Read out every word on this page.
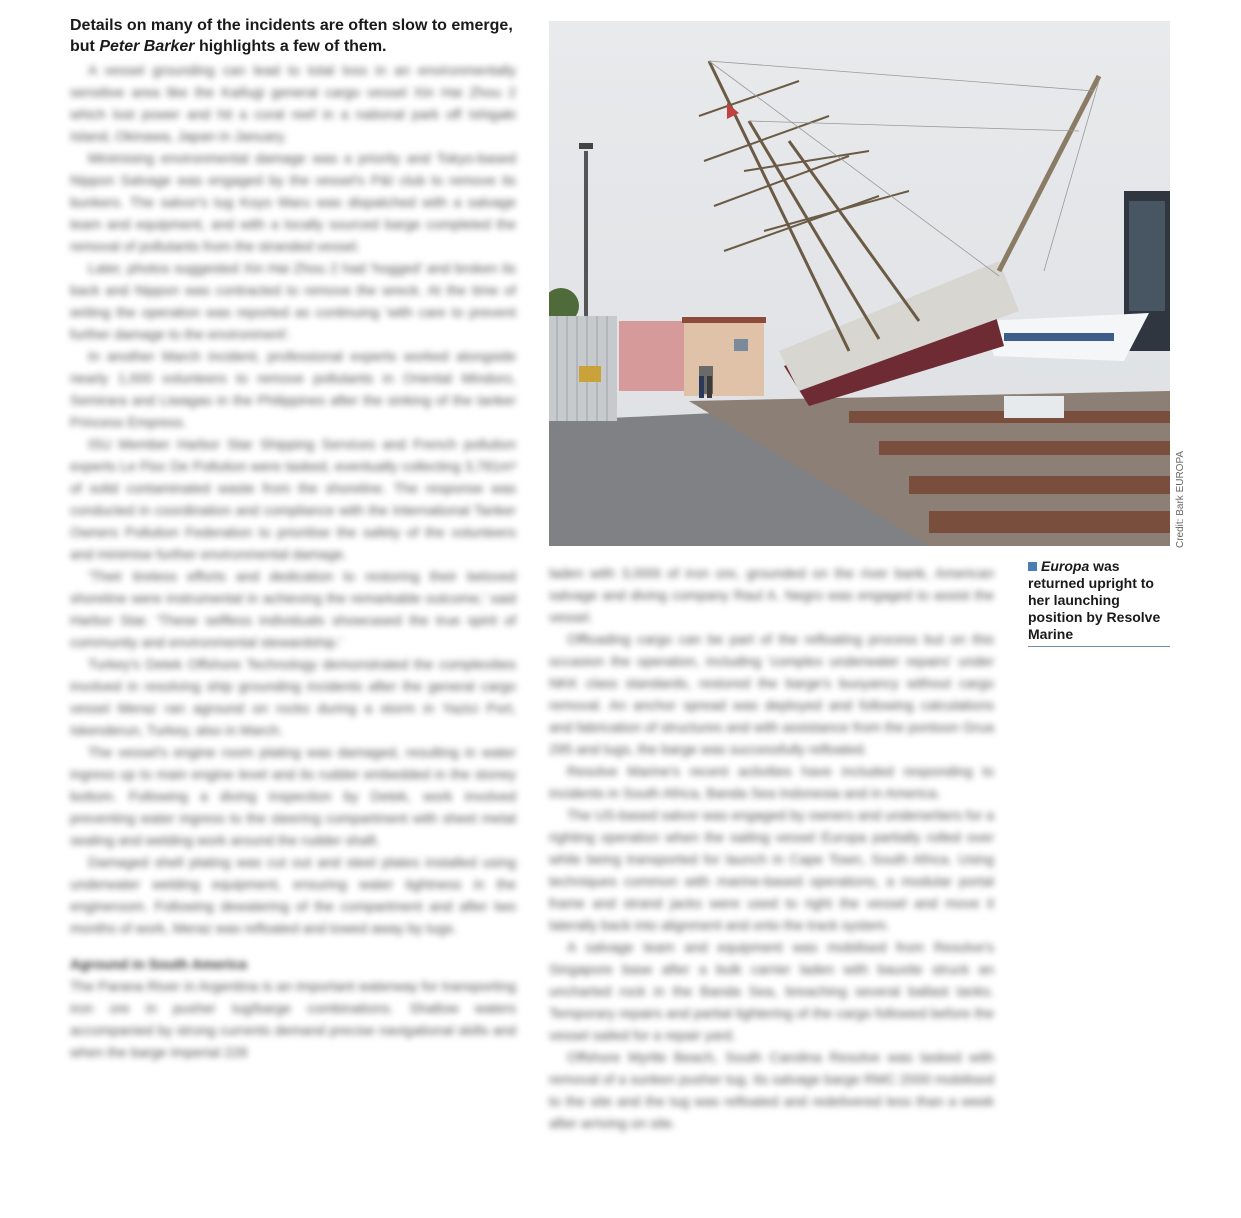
Details on many of the incidents are often slow to emerge,
but Peter Barker highlights a few of them.

A vessel grounding can lead to total loss in an environmentally sensitive area like the Kaifugi general cargo vessel Xin Hai Zhou 2 which lost power and hit a coral reef in a national park off Ishigaki Island, Okinawa, Japan in January.

Minimising environmental damage was a priority and Tokyo-based Nippon Salvage was engaged by the vessel's P&I club to remove its bunkers. The salvor's tug Koyo Maru was dispatched with a salvage team and equipment, and with a locally sourced barge completed the removal of pollutants from the stranded vessel.

Later, photos suggested Xin Hai Zhou 2 had 'hogged' and broken its back and Nippon was contracted to remove the wreck. At the time of writing the operation was reported as continuing 'with care to prevent further damage to the environment'.

In another March incident, professional experts worked alongside nearly 1,000 volunteers to remove pollutants in Oriental Mindoro, Semirara and Liwagao in the Philippines after the sinking of the tanker Princess Empress.

ISU Member Harbor Star Shipping Services and French pollution experts Le Floc De Pollution were tasked, eventually collecting 3,781m³ of solid contaminated waste from the shoreline. The response was conducted in coordination and compliance with the International Tanker Owners Pollution Federation to prioritise the safety of the volunteers and minimise further environmental damage.

'Their tireless efforts and dedication to restoring their beloved shoreline were instrumental in achieving the remarkable outcome,' said Harbor Star. 'These selfless individuals showcased the true spirit of community and environmental stewardship.'

Turkey's Detek Offshore Technology demonstrated the complexities involved in resolving ship grounding incidents after the general cargo vessel Meraz ran aground on rocks during a storm in Yazici Port, Iskenderun, Turkey, also in March.

The vessel's engine room plating was damaged, resulting in water ingress up to main engine level and its rudder embedded in the stoney bottom. Following a diving inspection by Detek, work involved preventing water ingress to the steering compartment with sheet metal sealing and welding work around the rudder shaft.

Damaged shell plating was cut out and steel plates installed using underwater welding equipment, ensuring water tightness in the engineroom. Following dewatering of the compartment and after two months of work, Meraz was refloated and towed away by tugs.

Aground in South America

The Parana River in Argentina is an important waterway for transporting iron ore in pusher tug/barge combinations. Shallow waters accompanied by strong currents demand precise navigational skills and when the barge Imperial 228

Credit: Bark EUROPA
Europa was returned upright to her launching position by Resolve Marine

laden with 3,000t of iron ore, grounded on the river bank, American salvage and diving company Raul A. Negro was engaged to assist the vessel.

Offloading cargo can be part of the refloating process but on this occasion the operation, including 'complex underwater repairs' under NKK class standards, restored the barge's buoyancy without cargo removal. An anchor spread was deployed and following calculations and fabrication of structures and with assistance from the pontoon Grua 295 and tugs, the barge was successfully refloated.

Resolve Marine's recent activities have included responding to incidents in South Africa, Banda Sea Indonesia and in America.

The US-based salvor was engaged by owners and underwriters for a righting operation when the sailing vessel Europa partially rolled over while being transported for launch in Cape Town, South Africa. Using techniques common with marine-based operations, a modular portal frame and strand jacks were used to right the vessel and move it laterally back into alignment and onto the track system.

A salvage team and equipment was mobilised from Resolve's Singapore base after a bulk carrier laden with bauxite struck an uncharted rock in the Banda Sea, breaching several ballast tanks. Temporary repairs and partial lightering of the cargo followed before the vessel sailed for a repair yard.

Offshore Myrtle Beach, South Carolina Resolve was tasked with removal of a sunken pusher tug. Its salvage barge RMC 2000 mobilised to the site and the tug was refloated and redelivered less than a week after arriving on site.
